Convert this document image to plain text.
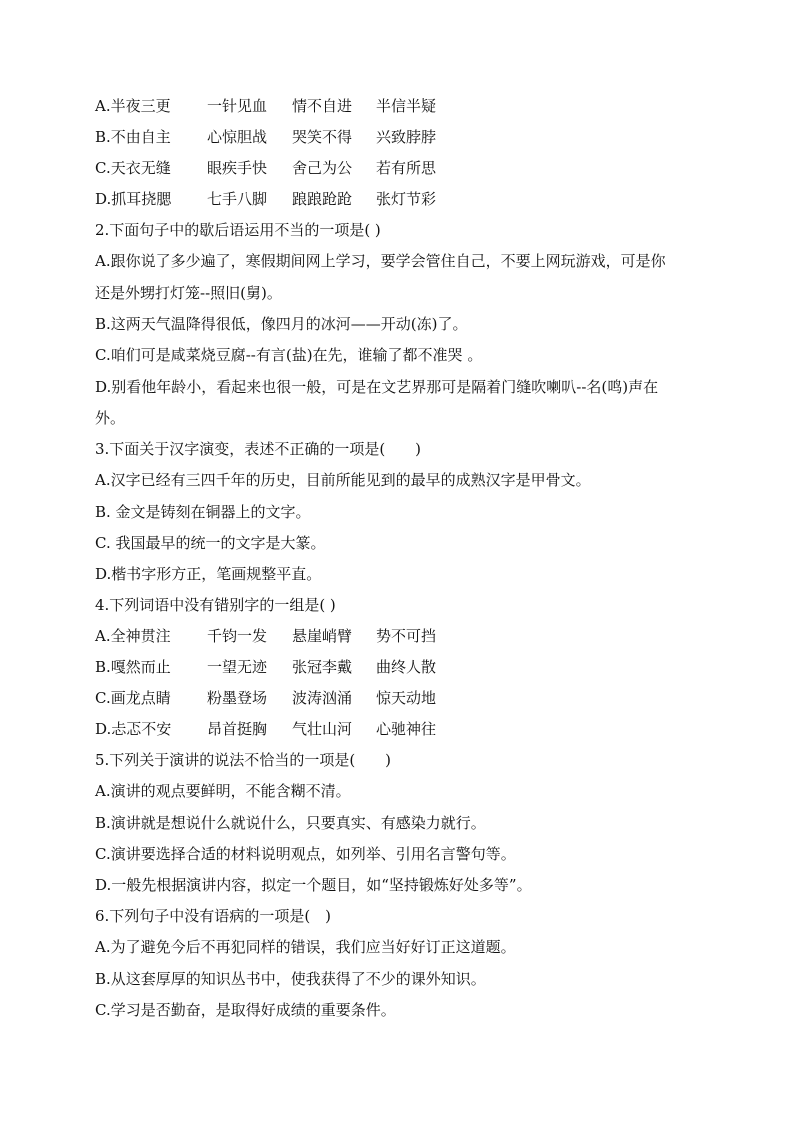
A.半夜三更 一针见血 情不自进 半信半疑
B.不由自主 心惊胆战 哭笑不得 兴致脖脖
C.天衣无缝 眼疾手快 舍己为公 若有所思
D.抓耳挠腮 七手八脚 踉踉跄跄 张灯节彩
2.下面句子中的歇后语运用不当的一项是( )
A.跟你说了多少遍了，寒假期间网上学习，要学会管住自己，不要上网玩游戏，可是你
还是外甥打灯笼--照旧(舅)。
B.这两天气温降得很低，像四月的冰河——开动(冻)了。
C.咱们可是咸菜烧豆腐--有言(盐)在先，谁输了都不准哭 。
D.别看他年龄小，看起来也很一般，可是在文艺界那可是隔着门缝吹喇叭--名(鸣)声在
外。
3.下面关于汉字演变，表述不正确的一项是(　　)
A.汉字已经有三四千年的历史，目前所能见到的最早的成熟汉字是甲骨文。
B. 金文是铸刻在铜器上的文字。
C. 我国最早的统一的文字是大篆。
D.楷书字形方正，笔画规整平直。
4.下列词语中没有错别字的一组是( )
A.全神贯注 千钧一发 悬崖峭臂 势不可挡
B.嘎然而止 一望无迹 张冠李戴 曲终人散
C.画龙点睛 粉墨登场 波涛汹涌 惊天动地
D.忐忑不安 昂首挺胸 气壮山河 心驰神往
5.下列关于演讲的说法不恰当的一项是(　　)
A.演讲的观点要鲜明，不能含糊不清。
B.演讲就是想说什么就说什么，只要真实、有感染力就行。
C.演讲要选择合适的材料说明观点，如列举、引用名言警句等。
D.一般先根据演讲内容，拟定一个题目，如“坚持锻炼好处多等”。
6.下列句子中没有语病的一项是(　)
A.为了避免今后不再犯同样的错误，我们应当好好订正这道题。
B.从这套厚厚的知识丛书中，使我获得了不少的课外知识。
C.学习是否勤奋，是取得好成绩的重要条件。
